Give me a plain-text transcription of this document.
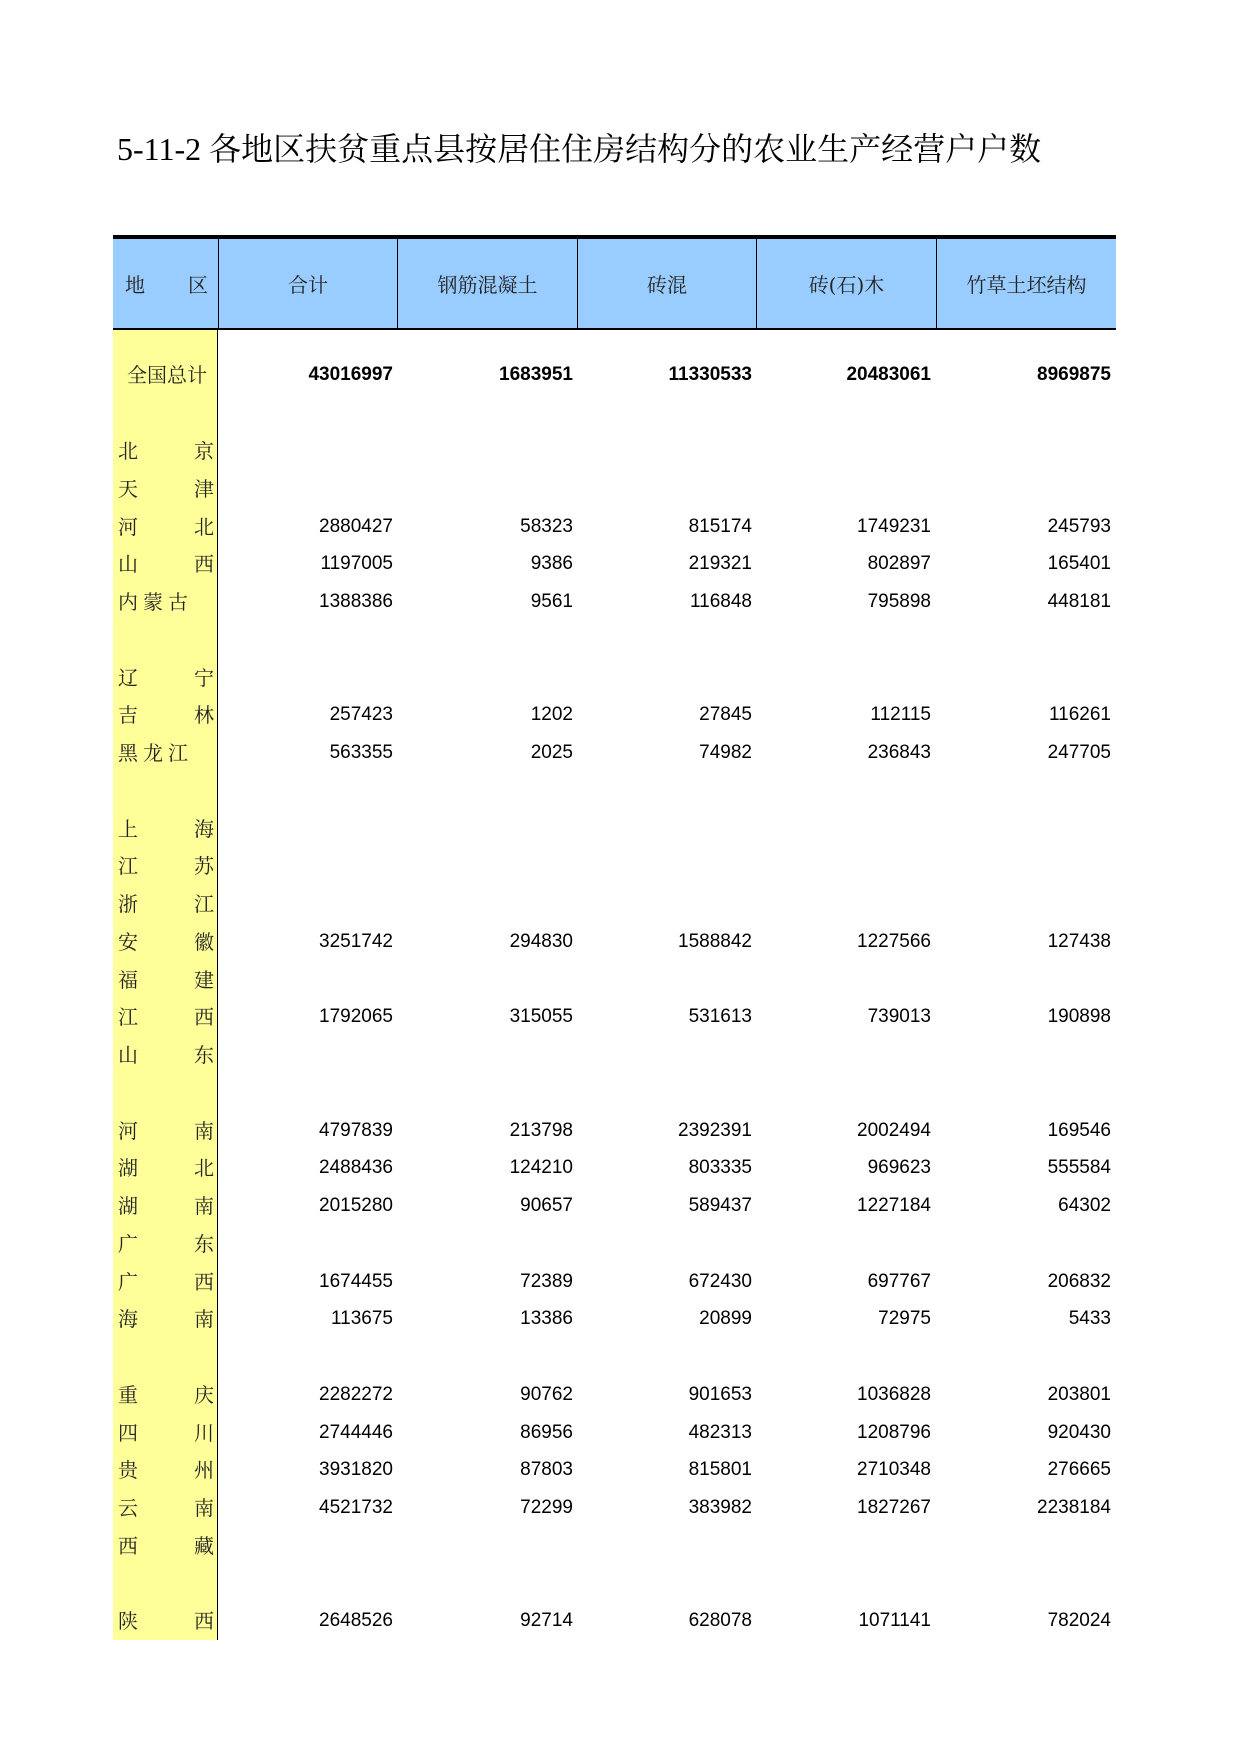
5-11-2 各地区扶贫重点县按居住住房结构分的农业生产经营户户数
地 区	合计	钢筋混凝土	砖混	砖(石)木	竹草土坯结构
全国总计	43016997	1683951	11330533	20483061	8969875
北京
天津
河北	2880427	58323	815174	1749231	245793
山西	1197005	9386	219321	802897	165401
内蒙古	1388386	9561	116848	795898	448181
辽宁
吉林	257423	1202	27845	112115	116261
黑龙江	563355	2025	74982	236843	247705
上海
江苏
浙江
安徽	3251742	294830	1588842	1227566	127438
福建
江西	1792065	315055	531613	739013	190898
山东
河南	4797839	213798	2392391	2002494	169546
湖北	2488436	124210	803335	969623	555584
湖南	2015280	90657	589437	1227184	64302
广东
广西	1674455	72389	672430	697767	206832
海南	113675	13386	20899	72975	5433
重庆	2282272	90762	901653	1036828	203801
四川	2744446	86956	482313	1208796	920430
贵州	3931820	87803	815801	2710348	276665
云南	4521732	72299	383982	1827267	2238184
西藏
陕西	2648526	92714	628078	1071141	782024
